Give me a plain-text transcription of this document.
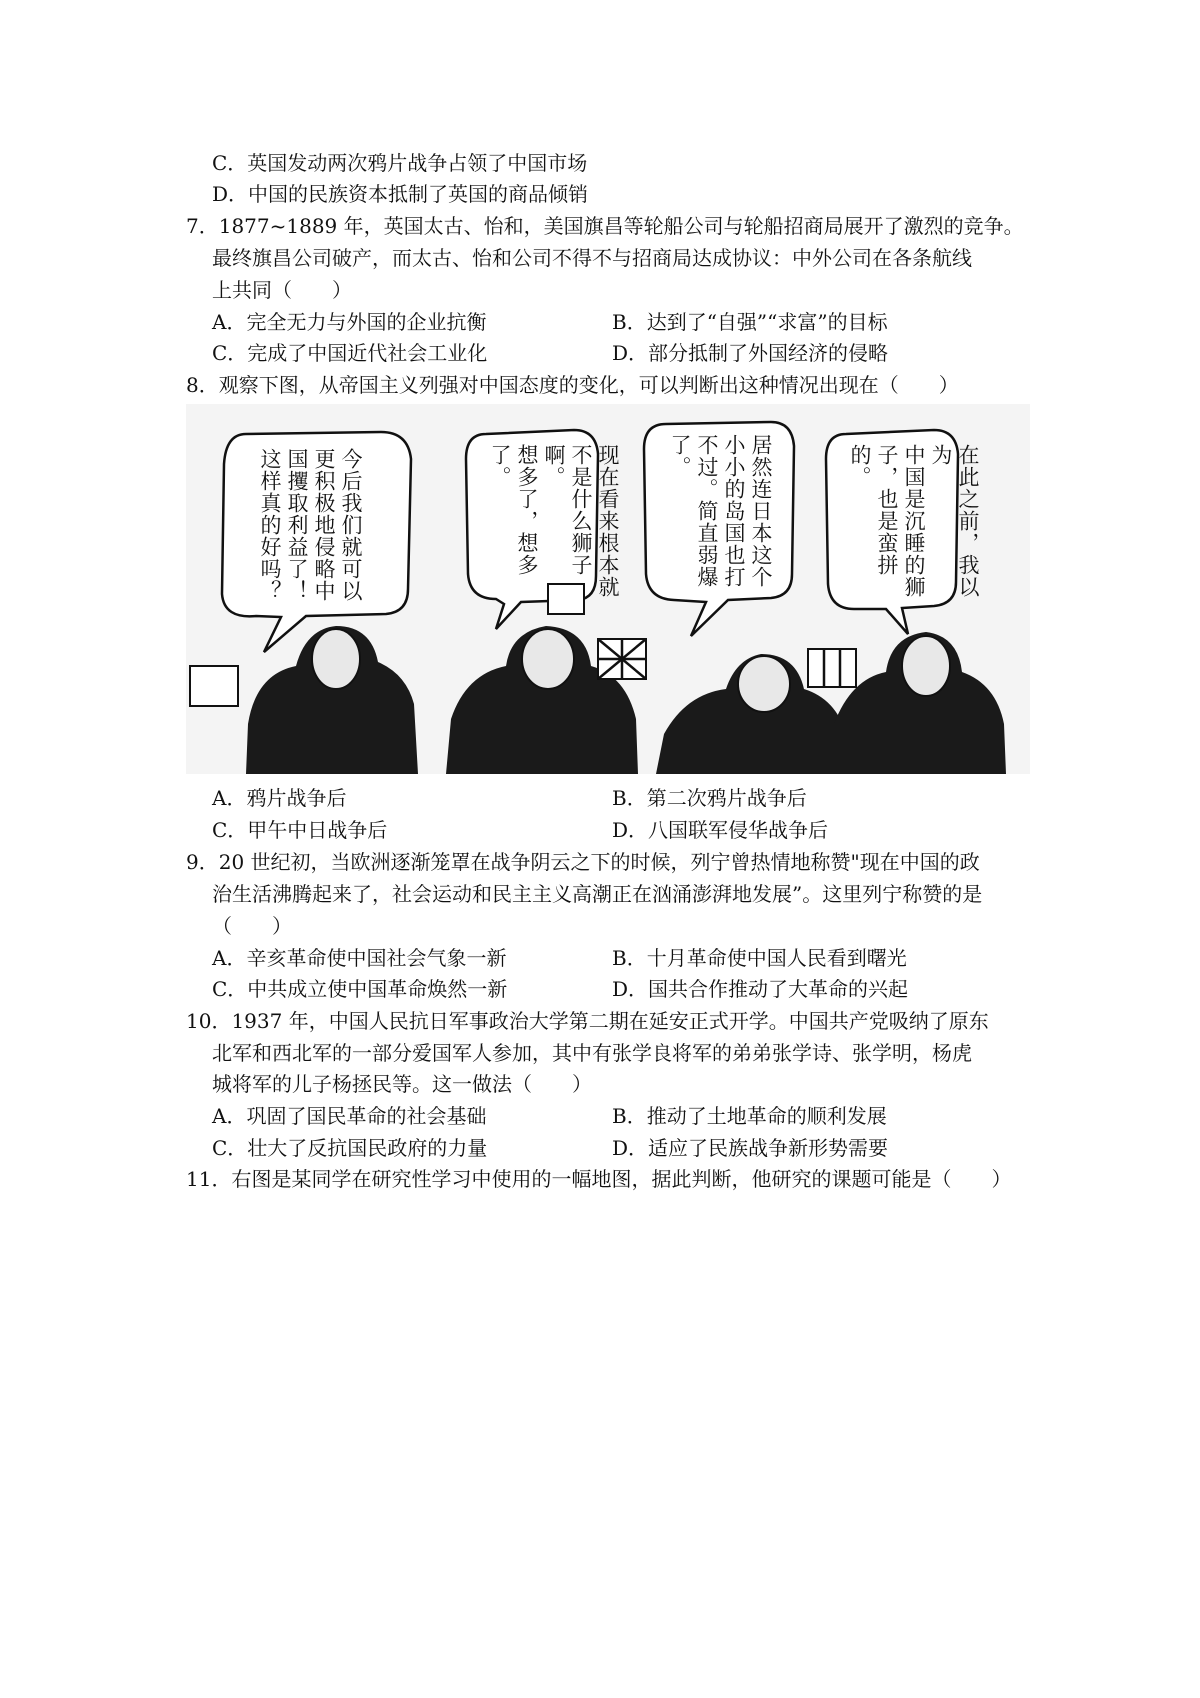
C．英国发动两次鸦片战争占领了中国市场
D．中国的民族资本抵制了英国的商品倾销
7．1877~1889 年，英国太古、怡和，美国旗昌等轮船公司与轮船招商局展开了激烈的竞争。
最终旗昌公司破产，而太古、怡和公司不得不与招商局达成协议：中外公司在各条航线
上共同（　　）
A．完全无力与外国的企业抗衡	B．达到了“自强”“求富”的目标
C．完成了中国近代社会工业化	D．部分抵制了外国经济的侵略
8．观察下图，从帝国主义列强对中国态度的变化，可以判断出这种情况出现在（　　）
今后我们就可以
更积极地侵略中
国攫取利益了！
这样真的好吗？	现在看来根本就
不是什么狮子啊。
想多了，想多了。	居然连日本这个
小小的岛国也打
不过。简直弱爆
了。	在此之前，我以为
中国是沉睡的狮
子，也是蛮拼的。
A．鸦片战争后	B．第二次鸦片战争后
C．甲午中日战争后	D．八国联军侵华战争后
9．20 世纪初，当欧洲逐渐笼罩在战争阴云之下的时候，列宁曾热情地称赞"现在中国的政
治生活沸腾起来了，社会运动和民主主义高潮正在汹涌澎湃地发展”。这里列宁称赞的是
（　　）
A．辛亥革命使中国社会气象一新	B．十月革命使中国人民看到曙光
C．中共成立使中国革命焕然一新	D．国共合作推动了大革命的兴起
10．1937 年，中国人民抗日军事政治大学第二期在延安正式开学。中国共产党吸纳了原东
北军和西北军的一部分爱国军人参加，其中有张学良将军的弟弟张学诗、张学明，杨虎
城将军的儿子杨拯民等。这一做法（　　）
A．巩固了国民革命的社会基础	B．推动了土地革命的顺利发展
C．壮大了反抗国民政府的力量	D．适应了民族战争新形势需要
11．右图是某同学在研究性学习中使用的一幅地图，据此判断，他研究的课题可能是（　　）
